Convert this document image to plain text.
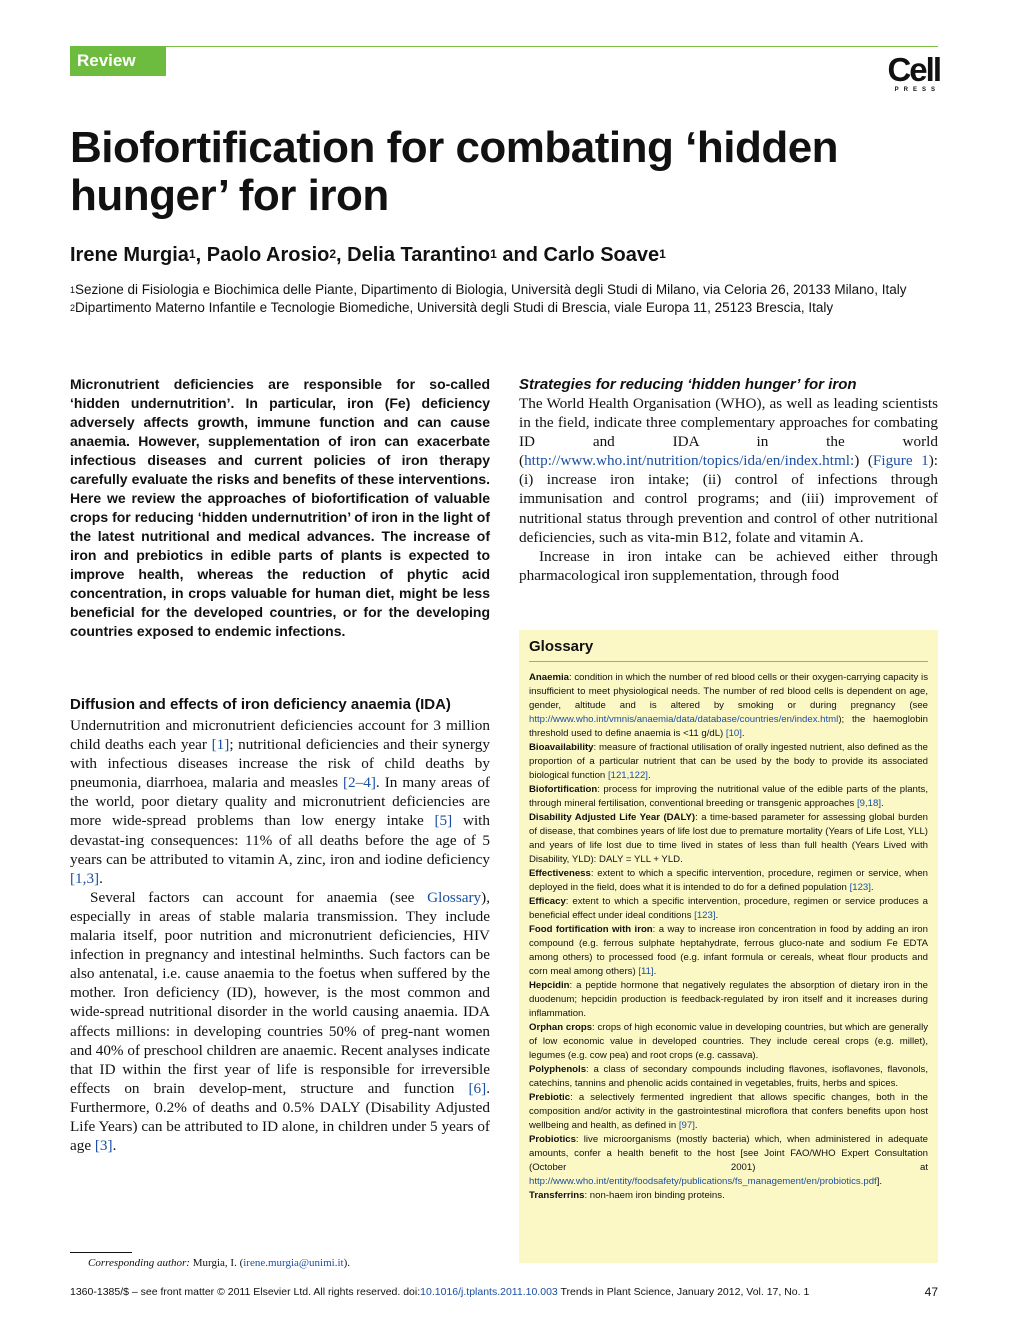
Review	Cell
PRESS
Biofortification for combating ‘hidden hunger’ for iron
Irene Murgia$^1$, Paolo Arosio$^2$, Delia Tarantino$^1$ and Carlo Soave$^1$

$^1$Sezione di Fisiologia e Biochimica delle Piante, Dipartimento di Biologia, Università degli Studi di Milano, via Celoria 26, 20133 Milano, Italy

$^2$Dipartimento Materno Infantile e Tecnologie Biomediche, Università degli Studi di Brescia, viale Europa 11, 25123 Brescia, Italy

Micronutrient deficiencies are responsible for so-called ‘hidden undernutrition’. In particular, iron (Fe) deficiency adversely affects growth, immune function and can cause anaemia. However, supplementation of iron can exacerbate infectious diseases and current policies of iron therapy carefully evaluate the risks and benefits of these interventions. Here we review the approaches of biofortification of valuable crops for reducing ‘hidden undernutrition’ of iron in the light of the latest nutritional and medical advances. The increase of iron and prebiotics in edible parts of plants is expected to improve health, whereas the reduction of phytic acid concentration, in crops valuable for human diet, might be less beneficial for the developed countries, or for the developing countries exposed to endemic infections.

Diffusion and effects of iron deficiency anaemia (IDA)

Undernutrition and micronutrient deficiencies account for 3 million child deaths each year [1]; nutritional deficiencies and their synergy with infectious diseases increase the risk of child deaths by pneumonia, diarrhoea, malaria and measles [2–4]. In many areas of the world, poor dietary quality and micronutrient deficiencies are more wide-spread problems than low energy intake [5] with devastat-ing consequences: 11% of all deaths before the age of 5 years can be attributed to vitamin A, zinc, iron and iodine deficiency [1,3].

Several factors can account for anaemia (see Glossary), especially in areas of stable malaria transmission. They include malaria itself, poor nutrition and micronutrient deficiencies, HIV infection in pregnancy and intestinal helminths. Such factors can be also antenatal, i.e. cause anaemia to the foetus when suffered by the mother. Iron deficiency (ID), however, is the most common and wide-spread nutritional disorder in the world causing anaemia. IDA affects millions: in developing countries 50% of preg-nant women and 40% of preschool children are anaemic. Recent analyses indicate that ID within the first year of life is responsible for irreversible effects on brain develop-ment, structure and function [6]. Furthermore, 0.2% of deaths and 0.5% DALY (Disability Adjusted Life Years) can be attributed to ID alone, in children under 5 years of age [3].

Strategies for reducing ‘hidden hunger’ for iron

The World Health Organisation (WHO), as well as leading scientists in the field, indicate three complementary approaches for combating ID and IDA in the world (http://www.who.int/nutrition/topics/ida/en/index.html:) (Figure 1): (i) increase iron intake; (ii) control of infections through immunisation and control programs; and (iii) improvement of nutritional status through prevention and control of other nutritional deficiencies, such as vita-min B12, folate and vitamin A.

Increase in iron intake can be achieved either through pharmacological iron supplementation, through food

Glossary

Anaemia: condition in which the number of red blood cells or their oxygen-carrying capacity is insufficient to meet physiological needs. The number of red blood cells is dependent on age, gender, altitude and is altered by smoking or during pregnancy (see http://www.who.int/vmnis/anaemia/data/database/countries/en/index.html); the haemoglobin threshold used to define anaemia is <11 g/dL) [10].

Bioavailability: measure of fractional utilisation of orally ingested nutrient, also defined as the proportion of a particular nutrient that can be used by the body to provide its associated biological function [121,122].

Biofortification: process for improving the nutritional value of the edible parts of the plants, through mineral fertilisation, conventional breeding or transgenic approaches [9,18].

Disability Adjusted Life Year (DALY): a time-based parameter for assessing global burden of disease, that combines years of life lost due to premature mortality (Years of Life Lost, YLL) and years of life lost due to time lived in states of less than full health (Years Lived with Disability, YLD): DALY = YLL + YLD.

Effectiveness: extent to which a specific intervention, procedure, regimen or service, when deployed in the field, does what it is intended to do for a defined population [123].

Efficacy: extent to which a specific intervention, procedure, regimen or service produces a beneficial effect under ideal conditions [123].

Food fortification with iron: a way to increase iron concentration in food by adding an iron compound (e.g. ferrous sulphate heptahydrate, ferrous gluco-nate and sodium Fe EDTA among others) to processed food (e.g. infant formula or cereals, wheat flour products and corn meal among others) [11].

Hepcidin: a peptide hormone that negatively regulates the absorption of dietary iron in the duodenum; hepcidin production is feedback-regulated by iron itself and it increases during inflammation.

Orphan crops: crops of high economic value in developing countries, but which are generally of low economic value in developed countries. They include cereal crops (e.g. millet), legumes (e.g. cow pea) and root crops (e.g. cassava).

Polyphenols: a class of secondary compounds including flavones, isoflavones, flavonols, catechins, tannins and phenolic acids contained in vegetables, fruits, herbs and spices.

Prebiotic: a selectively fermented ingredient that allows specific changes, both in the composition and/or activity in the gastrointestinal microflora that confers benefits upon host wellbeing and health, as defined in [97].

Probiotics: live microorganisms (mostly bacteria) which, when administered in adequate amounts, confer a health benefit to the host [see Joint FAO/WHO Expert Consultation (October 2001) at http://www.who.int/entity/foodsafety/publications/fs_management/en/probiotics.pdf].

Transferrins: non-haem iron binding proteins.

Corresponding author: Murgia, I. (irene.murgia@unimi.it).
1360-1385/$ – see front matter © 2011 Elsevier Ltd. All rights reserved. doi:10.1016/j.tplants.2011.10.003 Trends in Plant Science, January 2012, Vol. 17, No. 1	47
